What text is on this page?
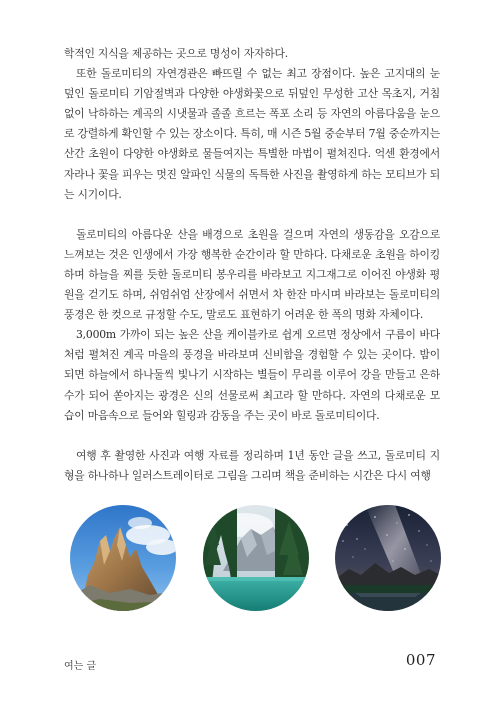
학적인 지식을 제공하는 곳으로 명성이 자자하다.

또한 돌로미티의 자연경관은 빠뜨릴 수 없는 최고 장점이다. 높은 고지대의 눈 덮인 돌로미티 기암절벽과 다양한 야생화꽃으로 뒤덮인 무성한 고산 목초지, 거침없이 낙하하는 계곡의 시냇물과 졸졸 흐르는 폭포 소리 등 자연의 아름다움을 눈으로 강렬하게 확인할 수 있는 장소이다. 특히, 매 시즌 5월 중순부터 7월 중순까지는 산간 초원이 다양한 야생화로 물들여지는 특별한 마법이 펼쳐진다. 억센 환경에서 자라나 꽃을 피우는 멋진 알파인 식물의 독특한 사진을 촬영하게 하는 모티브가 되는 시기이다.

돌로미티의 아름다운 산을 배경으로 초원을 걸으며 자연의 생동감을 오감으로 느껴보는 것은 인생에서 가장 행복한 순간이라 할 만하다. 다채로운 초원을 하이킹하며 하늘을 찌를 듯한 돌로미티 봉우리를 바라보고 지그재그로 이어진 야생화 평원을 걷기도 하며, 쉬엄쉬엄 산장에서 쉬면서 차 한잔 마시며 바라보는 돌로미티의 풍경은 한 컷으로 규정할 수도, 말로도 표현하기 어려운 한 폭의 명화 자체이다.

3,000m 가까이 되는 높은 산을 케이블카로 쉽게 오르면 정상에서 구름이 바다처럼 펼쳐진 계곡 마을의 풍경을 바라보며 신비함을 경험할 수 있는 곳이다. 밤이 되면 하늘에서 하나둘씩 빛나기 시작하는 별들이 무리를 이루어 강을 만들고 은하수가 되어 쏟아지는 광경은 신의 선물로써 최고라 할 만하다. 자연의 다채로운 모습이 마음속으로 들어와 힐링과 감동을 주는 곳이 바로 돌로미티이다.

여행 후 촬영한 사진과 여행 자료를 정리하며 1년 동안 글을 쓰고, 돌로미티 지형을 하나하나 일러스트레이터로 그림을 그리며 책을 준비하는 시간은 다시 여행

여는 글	007
